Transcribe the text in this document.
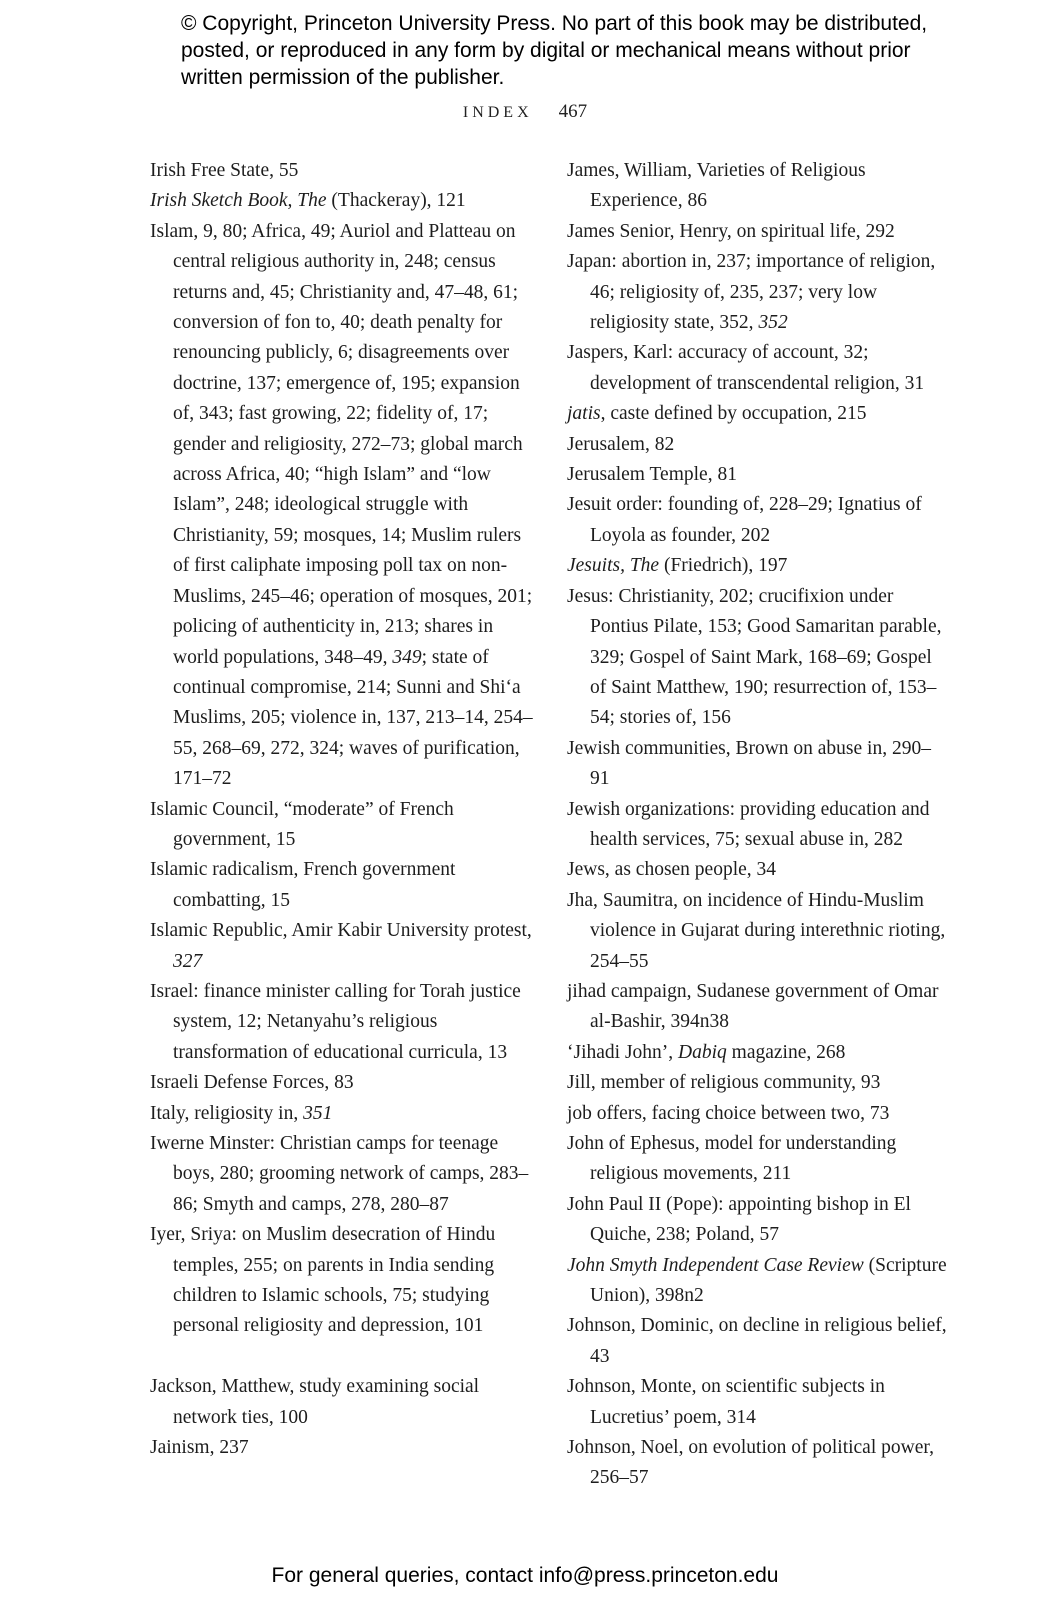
© Copyright, Princeton University Press. No part of this book may be distributed, posted, or reproduced in any form by digital or mechanical means without prior written permission of the publisher.
INDEX 467

Irish Free State, 55

Irish Sketch Book, The (Thackeray), 121

Islam, 9, 80; Africa, 49; Auriol and Platteau on central religious authority in, 248; census returns and, 45; Christianity and, 47–48, 61; conversion of fon to, 40; death penalty for renouncing publicly, 6; disagreements over doctrine, 137; emergence of, 195; expansion of, 343; fast growing, 22; fidelity of, 17; gender and religiosity, 272–73; global march across Africa, 40; “high Islam” and “low Islam”, 248; ideological struggle with Christianity, 59; mosques, 14; Muslim rulers of first caliphate imposing poll tax on non-Muslims, 245–46; operation of mosques, 201; policing of authenticity in, 213; shares in world populations, 348–49, 349; state of continual compromise, 214; Sunni and Shi‘a Muslims, 205; violence in, 137, 213–14, 254–55, 268–69, 272, 324; waves of purification, 171–72

Islamic Council, “moderate” of French government, 15

Islamic radicalism, French government combatting, 15

Islamic Republic, Amir Kabir University protest, 327

Israel: finance minister calling for Torah justice system, 12; Netanyahu’s religious transformation of educational curricula, 13

Israeli Defense Forces, 83

Italy, religiosity in, 351

Iwerne Minster: Christian camps for teenage boys, 280; grooming network of camps, 283–86; Smyth and camps, 278, 280–87

Iyer, Sriya: on Muslim desecration of Hindu temples, 255; on parents in India sending children to Islamic schools, 75; studying personal religiosity and depression, 101

Jackson, Matthew, study examining social network ties, 100

Jainism, 237

James, William, Varieties of Religious Experience, 86

James Senior, Henry, on spiritual life, 292

Japan: abortion in, 237; importance of religion, 46; religiosity of, 235, 237; very low religiosity state, 352, 352

Jaspers, Karl: accuracy of account, 32; development of transcendental religion, 31

jatis, caste defined by occupation, 215

Jerusalem, 82

Jerusalem Temple, 81

Jesuit order: founding of, 228–29; Ignatius of Loyola as founder, 202

Jesuits, The (Friedrich), 197

Jesus: Christianity, 202; crucifixion under Pontius Pilate, 153; Good Samaritan parable, 329; Gospel of Saint Mark, 168–69; Gospel of Saint Matthew, 190; resurrection of, 153–54; stories of, 156

Jewish communities, Brown on abuse in, 290–91

Jewish organizations: providing education and health services, 75; sexual abuse in, 282

Jews, as chosen people, 34

Jha, Saumitra, on incidence of Hindu-Muslim violence in Gujarat during interethnic rioting, 254–55

jihad campaign, Sudanese government of Omar al-Bashir, 394n38

‘Jihadi John’, Dabiq magazine, 268

Jill, member of religious community, 93

job offers, facing choice between two, 73

John of Ephesus, model for understanding religious movements, 211

John Paul II (Pope): appointing bishop in El Quiche, 238; Poland, 57

John Smyth Independent Case Review (Scripture Union), 398n2

Johnson, Dominic, on decline in religious belief, 43

Johnson, Monte, on scientific subjects in Lucretius’ poem, 314

Johnson, Noel, on evolution of political power, 256–57

For general queries, contact info@press.princeton.edu
